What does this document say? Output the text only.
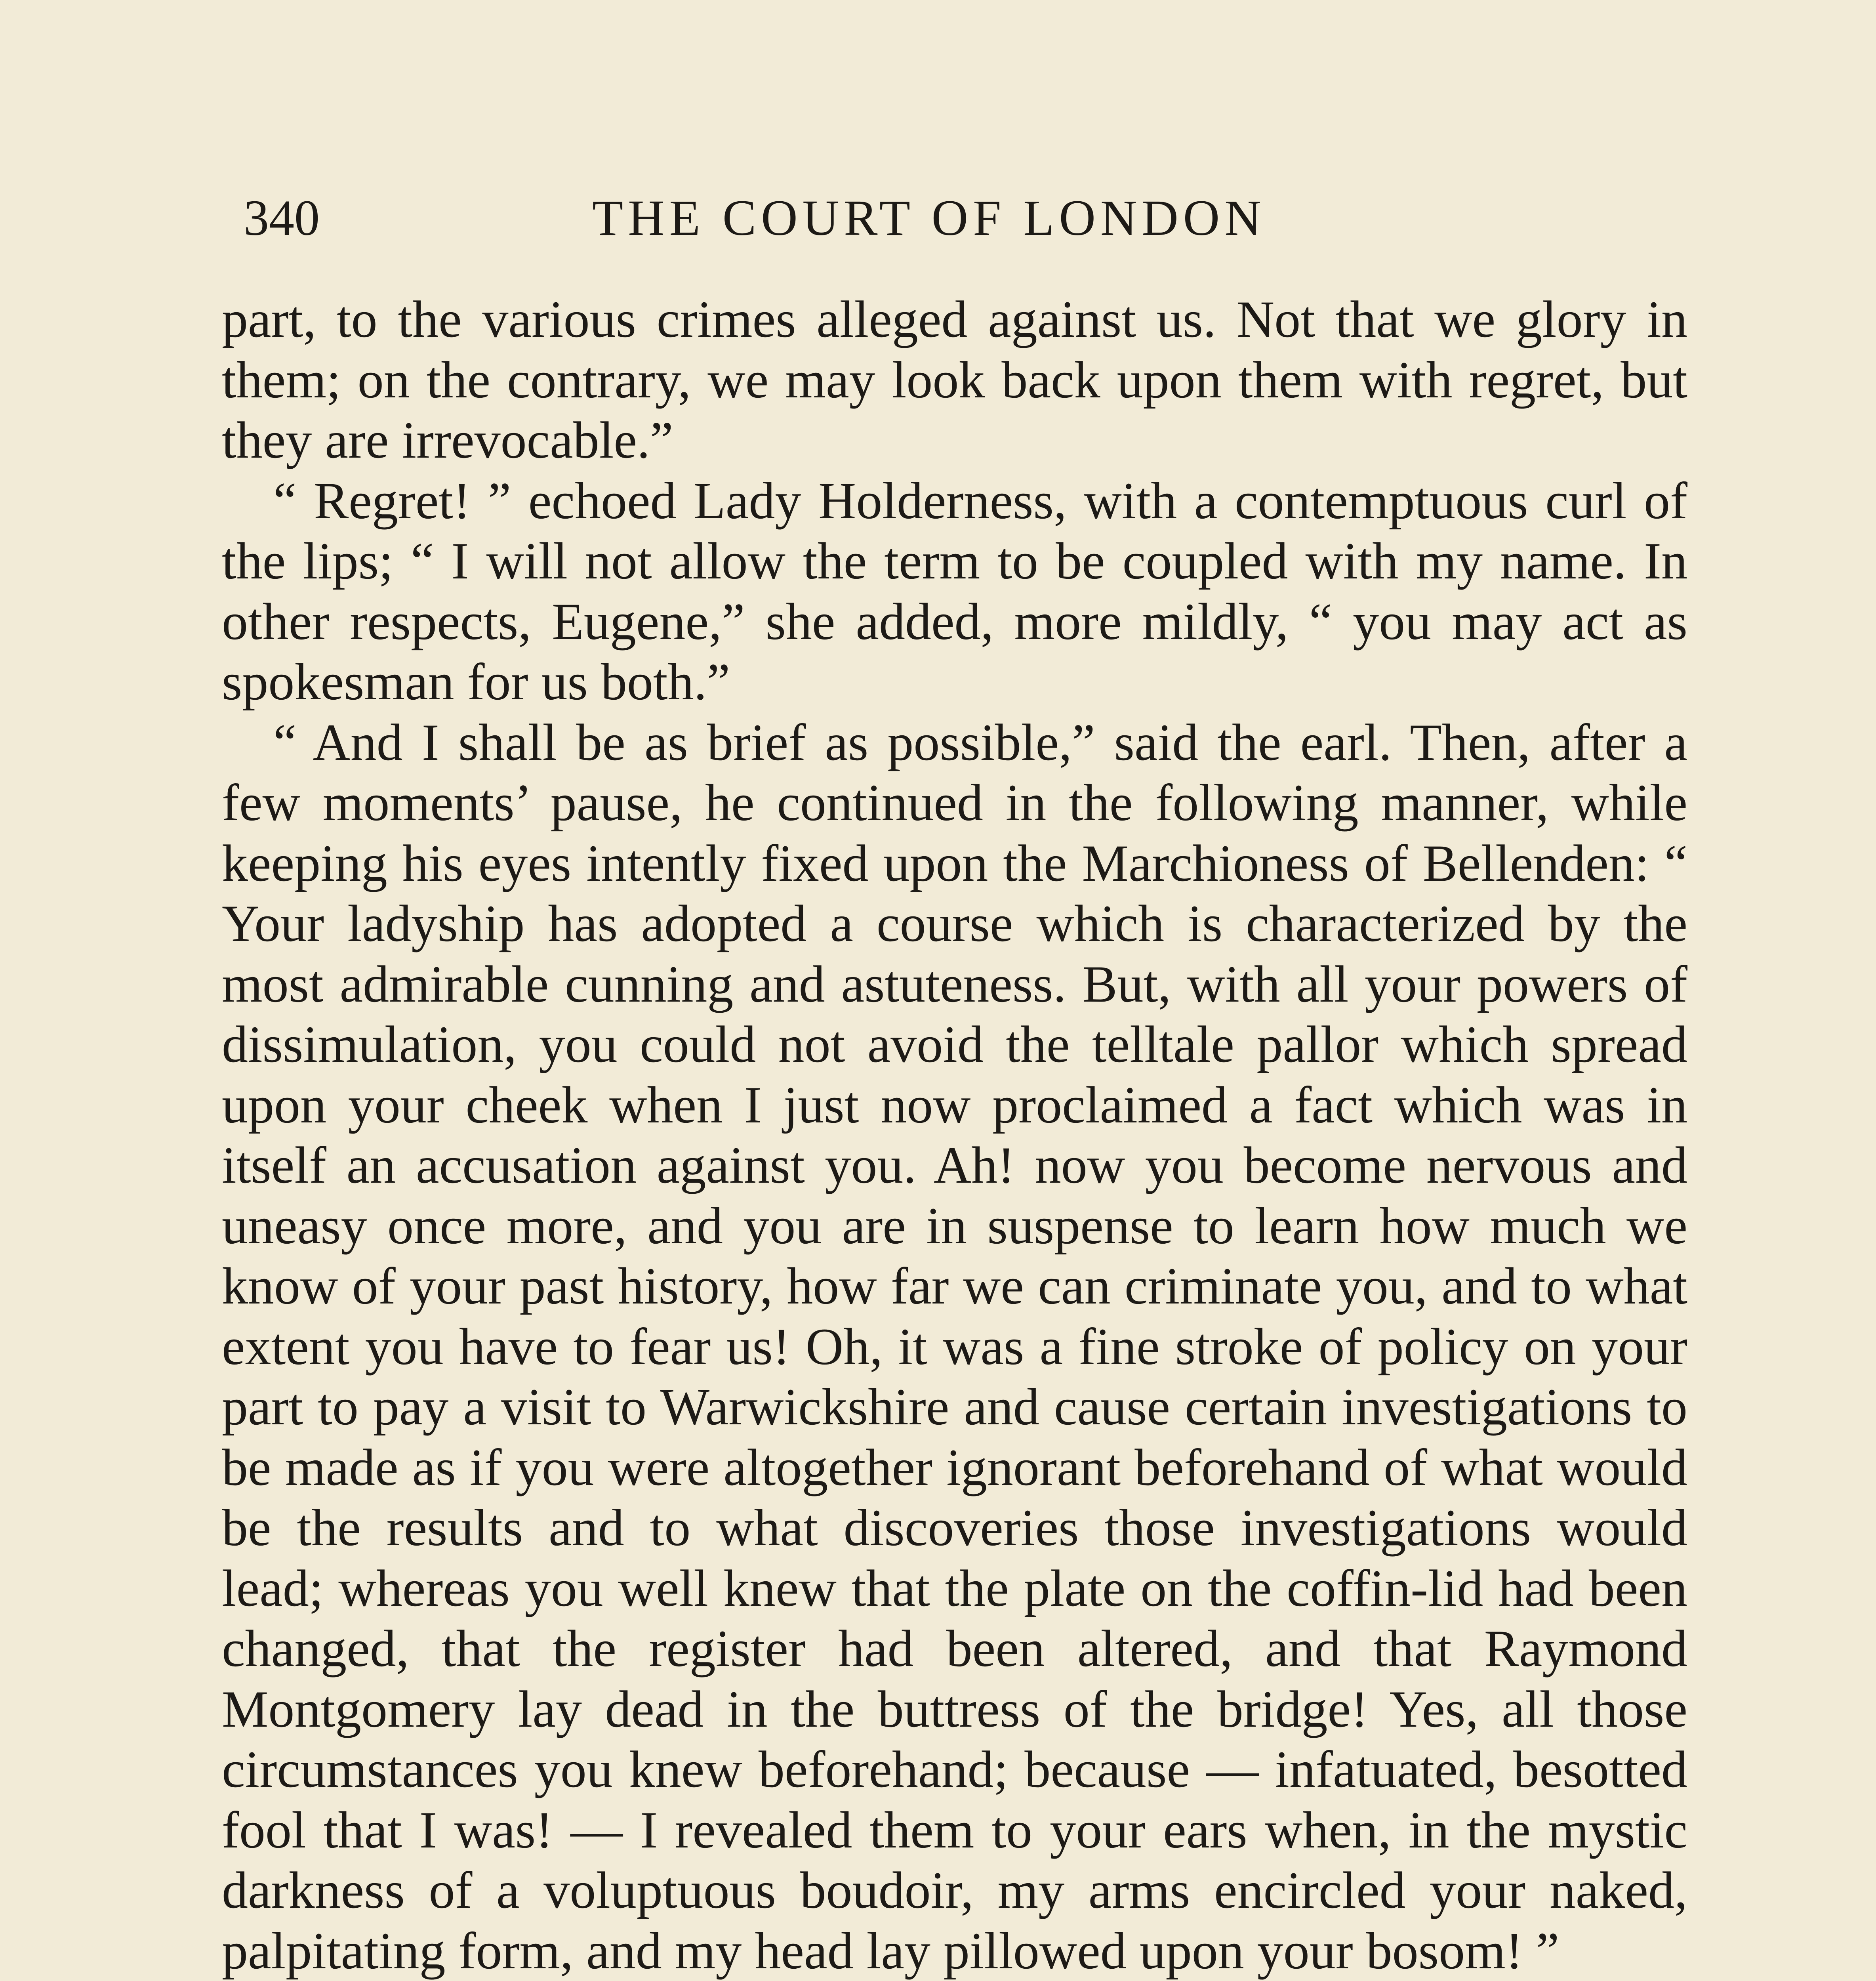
340	THE COURT OF LONDON

part, to the various crimes alleged against us. Not that we glory in them; on the contrary, we may look back upon them with regret, but they are irrevocable.”

“ Regret! ” echoed Lady Holderness, with a contemptuous curl of the lips; “ I will not allow the term to be coupled with my name. In other respects, Eugene,” she added, more mildly, “ you may act as spokesman for us both.”

“ And I shall be as brief as possible,” said the earl. Then, after a few moments’ pause, he continued in the following manner, while keeping his eyes intently fixed upon the Marchioness of Bellenden: “ Your ladyship has adopted a course which is characterized by the most admirable cunning and astuteness. But, with all your powers of dissimulation, you could not avoid the telltale pallor which spread upon your cheek when I just now proclaimed a fact which was in itself an accusation against you. Ah! now you become nervous and uneasy once more, and you are in suspense to learn how much we know of your past history, how far we can criminate you, and to what extent you have to fear us! Oh, it was a fine stroke of policy on your part to pay a visit to Warwickshire and cause certain investigations to be made as if you were altogether ignorant beforehand of what would be the results and to what discoveries those investigations would lead; whereas you well knew that the plate on the coffin-lid had been changed, that the register had been altered, and that Raymond Montgomery lay dead in the buttress of the bridge! Yes, all those circumstances you knew beforehand; because — infatuated, besotted fool that I was! — I revealed them to your ears when, in the mystic darkness of a voluptuous boudoir, my arms encircled your naked, palpitating form, and my head lay pillowed upon your bosom! ”
